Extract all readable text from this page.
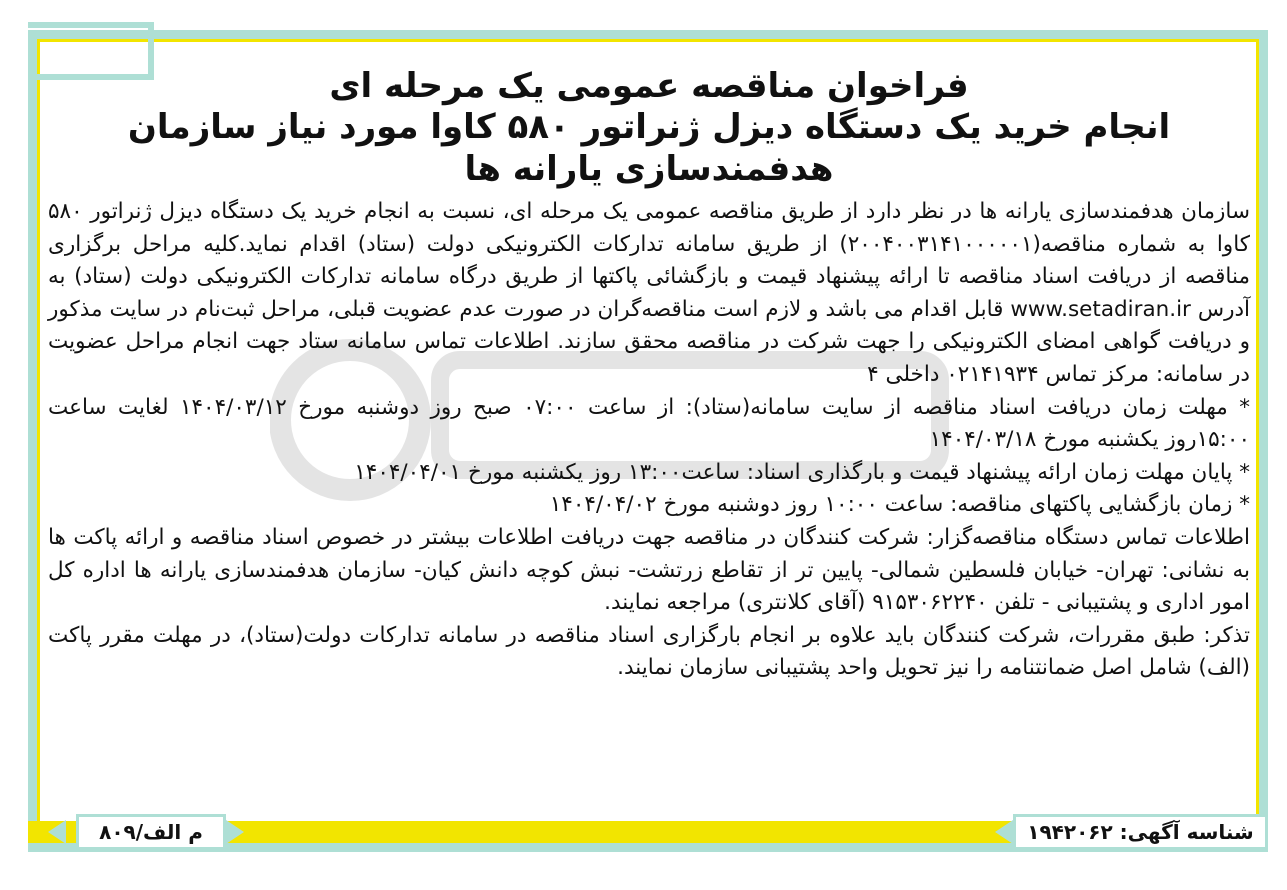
فراخوان مناقصه عمومی یک مرحله ای
انجام خرید یک دستگاه دیزل ژنراتور ۵۸۰ کاوا مورد نیاز سازمان هدفمندسازی یارانه ها

سازمان هدفمندسازی یارانه ها در نظر دارد از طریق مناقصه عمومی یک مرحله ای، نسبت به انجام خرید یک دستگاه دیزل ژنراتور ۵۸۰ کاوا به شماره مناقصه(۲۰۰۴۰۰۳۱۴۱۰۰۰۰۰۱) از طریق سامانه تدارکات الکترونیکی دولت (ستاد) اقدام نماید.کلیه مراحل برگزاری مناقصه از دریافت اسناد مناقصه تا ارائه پیشنهاد قیمت و بازگشائی پاکتها از طریق درگاه سامانه تدارکات الکترونیکی دولت (ستاد) به آدرس www.setadiran.ir قابل اقدام می باشد و لازم است مناقصه‌گران در صورت عدم عضویت قبلی، مراحل ثبت‌نام در سایت مذکور و دریافت گواهی امضای الکترونیکی را جهت شرکت در مناقصه محقق سازند. اطلاعات تماس سامانه ستاد جهت انجام مراحل عضویت در سامانه: مرکز تماس ۰۲۱۴۱۹۳۴ داخلی ۴

* مهلت زمان دریافت اسناد مناقصه از سایت سامانه(ستاد): از ساعت ۰۷:۰۰ صبح روز دوشنبه مورخ ۱۴۰۴/۰۳/۱۲ لغایت ساعت ۱۵:۰۰روز یکشنبه مورخ ۱۴۰۴/۰۳/۱۸

* پایان مهلت زمان ارائه پیشنهاد قیمت و بارگذاری اسناد: ساعت۱۳:۰۰ روز یکشنبه مورخ ۱۴۰۴/۰۴/۰۱

* زمان بازگشایی پاکتهای مناقصه: ساعت ۱۰:۰۰ روز دوشنبه مورخ ۱۴۰۴/۰۴/۰۲

اطلاعات تماس دستگاه مناقصه‌گزار: شرکت کنندگان در مناقصه جهت دریافت اطلاعات بیشتر در خصوص اسناد مناقصه و ارائه پاکت ها به نشانی: تهران- خیابان فلسطین شمالی- پایین تر از تقاطع زرتشت- نبش کوچه دانش کیان- سازمان هدفمندسازی یارانه ها اداره کل امور اداری و پشتیبانی - تلفن ۹۱۵۳۰۶۲۲۴۰ (آقای کلانتری) مراجعه نمایند.

تذکر: طبق مقررات، شرکت کنندگان باید علاوه بر انجام بارگزاری اسناد مناقصه در سامانه تدارکات دولت(ستاد)، در مهلت مقرر پاکت (الف) شامل اصل ضمانتنامه را نیز تحویل واحد پشتیبانی سازمان نمایند.

م الف/۸۰۹	شناسه آگهی: ۱۹۴۲۰۶۲
